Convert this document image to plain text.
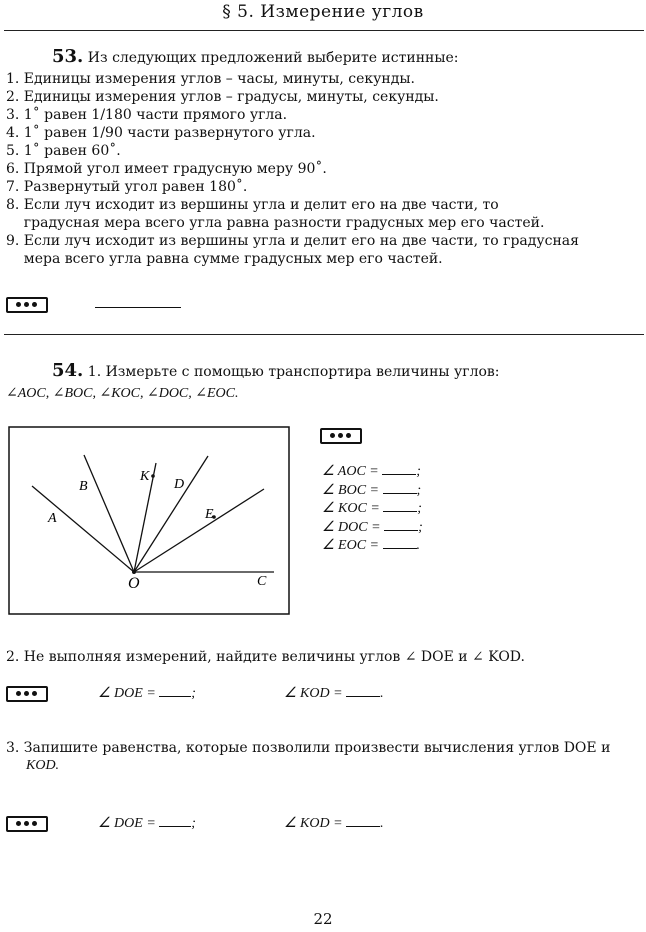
§ 5. Измерение углов
53. Из следующих предложений выберите истинные:
1. Единицы измерения углов – часы, минуты, секунды.
2. Единицы измерения углов – градусы, минуты, секунды.
3. 1˚ равен 1/180 части прямого угла.
4. 1˚ равен 1/90 части развернутого угла.
5. 1˚ равен 60˚.
6. Прямой угол имеет градусную меру 90˚.
7. Развернутый угол равен 180˚.
8. Если луч исходит из вершины угла и делит его на две части, то
градусная мера всего угла равна разности градусных мер его частей.
9. Если луч исходит из вершины угла и делит его на две части, то градусная
мера всего угла равна сумме градусных мер его частей.
54. 1. Измерьте с помощью транспортира величины углов:
∠AOC, ∠BOC, ∠KOC, ∠DOC, ∠EOC.
A
B
K
D
E
O	C
∠ AOC =	;
∠ BOC =	;
∠ KOC =	;
∠ DOC =	;
∠ EOC =	.
2. Не выполняя измерений, найдите величины углов ∠ DOE и ∠ KOD.
∠ DOE =	;	∠ KOD =	.
3. Запишите равенства, которые позволили произвести вычисления углов DOE и
KOD.
∠ DOE =	;	∠ KOD =	.
22
